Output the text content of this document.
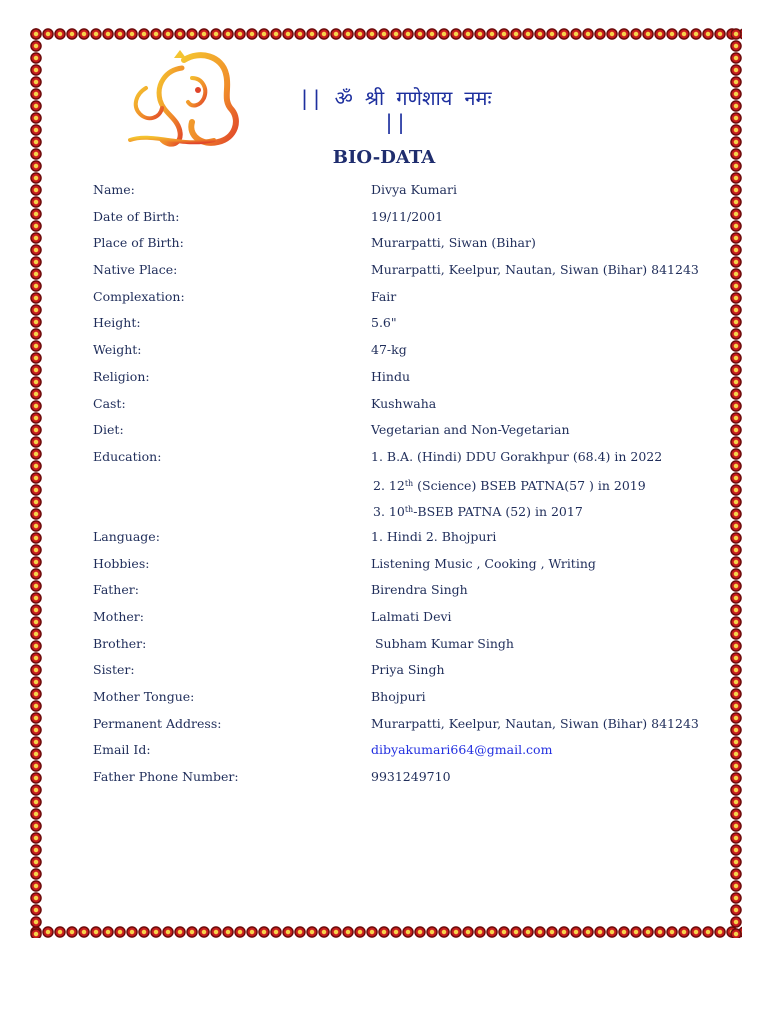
|| ॐ श्री गणेशाय नमः
||
BIO-DATA
Name:	Divya Kumari
Date of Birth:	19/11/2001
Place of Birth:	Murarpatti, Siwan (Bihar)
Native Place:	Murarpatti, Keelpur, Nautan, Siwan (Bihar) 841243
Complexation:	Fair
Height:	5.6"
Weight:	47-kg
Religion:	Hindu
Cast:	Kushwaha
Diet:	Vegetarian and Non-Vegetarian
Education:	1. B.A. (Hindi) DDU Gorakhpur (68.4) in 2022
2. 12th (Science) BSEB PATNA(57 ) in 2019
3. 10th-BSEB PATNA (52) in 2017
Language:	1. Hindi 2. Bhojpuri
Hobbies:	Listening Music , Cooking , Writing
Father:	Birendra Singh
Mother:	Lalmati Devi
Brother:	Subham Kumar Singh
Sister:	Priya Singh
Mother Tongue:	Bhojpuri
Permanent Address:	Murarpatti, Keelpur, Nautan, Siwan (Bihar) 841243
Email Id:	dibyakumari664@gmail.com
Father Phone Number:	9931249710
